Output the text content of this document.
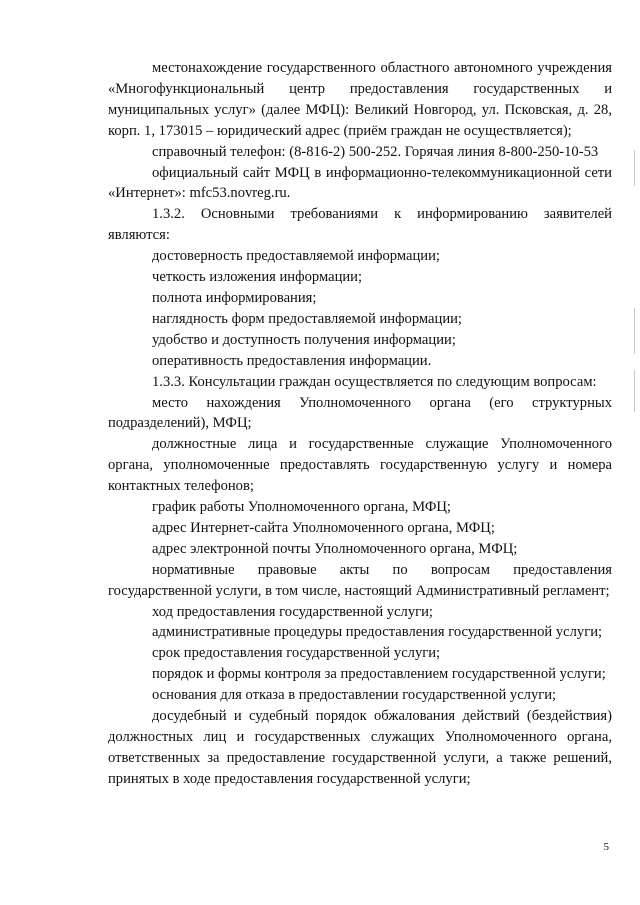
местонахождение государственного областного автономного учреждения «Многофункциональный центр предоставления государственных и муниципальных услуг» (далее МФЦ): Великий Новгород, ул. Псковская, д. 28, корп. 1, 173015 – юридический адрес (приём граждан не осуществляется);

справочный телефон: (8-816-2) 500-252. Горячая линия 8-800-250-10-53

официальный сайт МФЦ в информационно-телекоммуникационной сети «Интернет»: mfc53.novreg.ru.

1.3.2. Основными требованиями к информированию заявителей являются:

достоверность предоставляемой информации;

четкость изложения информации;

полнота информирования;

наглядность форм предоставляемой информации;

удобство и доступность получения информации;

оперативность предоставления информации.

1.3.3. Консультации граждан осуществляется по следующим вопросам:

место нахождения Уполномоченного органа (его структурных подразделений), МФЦ;

должностные лица и государственные служащие Уполномоченного органа, уполномоченные предоставлять государственную услугу и номера контактных телефонов;

график работы Уполномоченного органа, МФЦ;

адрес Интернет-сайта Уполномоченного органа, МФЦ;

адрес электронной почты Уполномоченного органа, МФЦ;

нормативные правовые акты по вопросам предоставления государственной услуги, в том числе, настоящий Административный регламент;

ход предоставления государственной услуги;

административные процедуры предоставления государственной услуги;

срок предоставления государственной услуги;

порядок и формы контроля за предоставлением государственной услуги;

основания для отказа в предоставлении государственной услуги;

досудебный и судебный порядок обжалования действий (бездействия) должностных лиц и государственных служащих Уполномоченного органа, ответственных за предоставление государственной услуги, а также решений, принятых в ходе предоставления государственной услуги;

5
